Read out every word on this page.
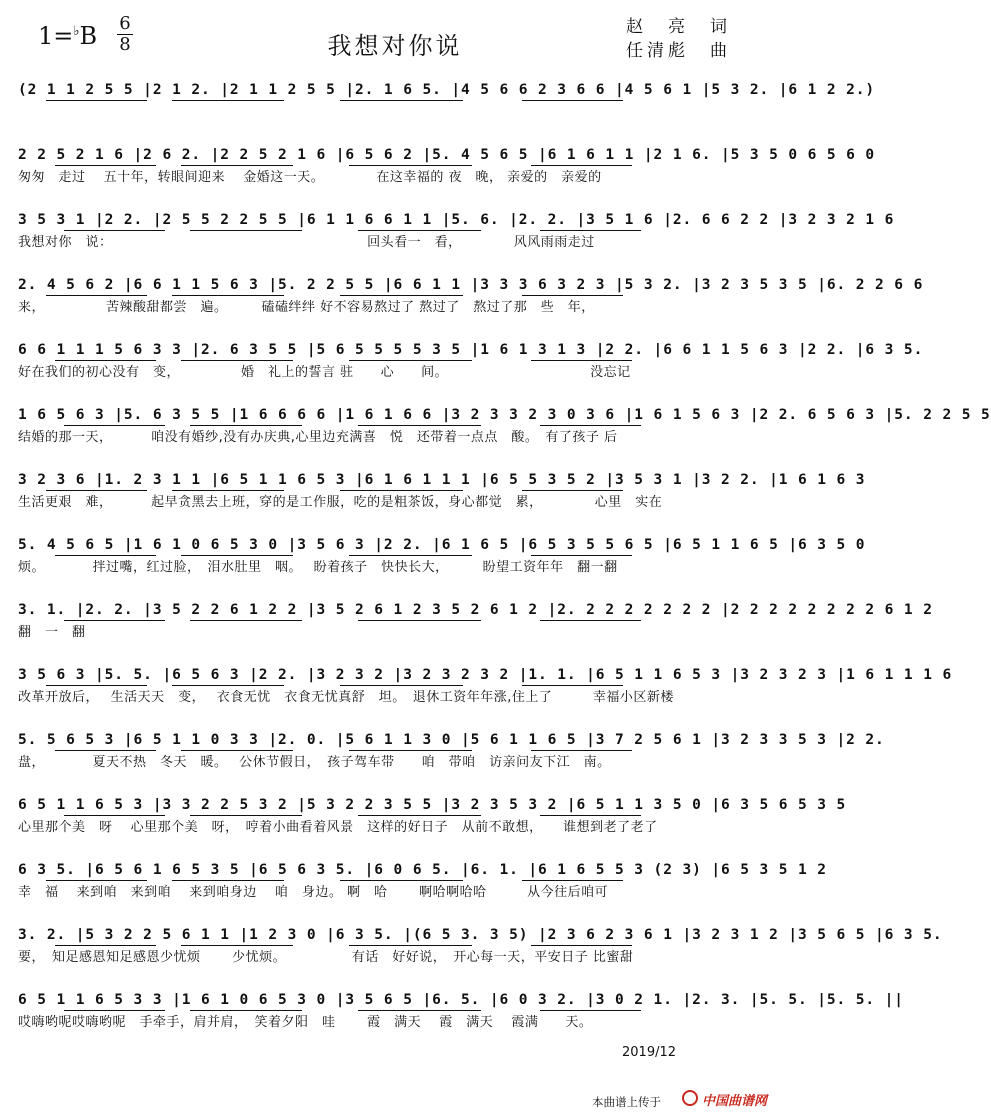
1=♭B 6
8	我想对你说
赵　亮　词
任清彪　曲
(2 1 1 2 5 5 |2 1 2. |2 1 1 2 5 5 |2. 1 6 5. |4 5 6 6 2 3 6 6 |4 5 6 1 |5 3 2. |6 1 2 2.)
2 2 5 2 1 6 |2 6 2. |2 2 5 2 1 6 |6 5 6 2 |5. 4 5 6 5 |6 1 6 1 1 |2 1 6. |5 3 5 0 6 5 6 0
匆匆　走过　 五十年，转眼间迎来　 金婚这一天。　　　　 在这幸福的 夜　晚， 亲爱的　亲爱的
3 5 3 1 |2 2. |2 5 5 2 2 5 5 |6 1 1 6 6 1 1 |5. 6. |2. 2. |3 5 1 6 |2. 6 6 2 2 |3 2 3 2 1 6
我想对你　说：　　　　　　　　　　　　　　　　　　　 回头看一　看，　　　　 风风雨雨走过
2. 4 5 6 2 |6 6 1 1 5 6 3 |5. 2 2 5 5 |6 6 1 1 |3 3 3 6 3 2 3 |5 3 2. |3 2 3 5 3 5 |6. 2 2 6 6
来，　　　　　苦辣酸甜都尝　遍。　　　磕磕绊绊 好不容易熬过了 熬过了　熬过了那　些　年，
6 6 1 1 1 5 6 3 3 |2. 6 3 5 5 |5 6 5 5 5 5 3 5 |1 6 1 3 1 3 |2 2. |6 6 1 1 5 6 3 |2 2. |6 3 5.
好在我们的初心没有　变，　　　　　婚　礼上的誓言 驻　　心　　间。　　　　　　　　　　　没忘记
1 6 5 6 3 |5. 6 3 5 5 |1 6 6 6 6 |1 6 1 6 6 |3 2 3 3 2 3 0 3 6 |1 6 1 5 6 3 |2 2. 6 5 6 3 |5. 2 2 5 5
结婚的那一天，　　　 咱没有婚纱,没有办庆典,心里边充满喜　悦　还带着一点点　酸。　有了孩子 后
3 2 3 6 |1. 2 3 1 1 |6 5 1 1 6 5 3 |6 1 6 1 1 1 |6 5 5 3 5 2 |3 5 3 1 |3 2 2. |1 6 1 6 3
生活更艰　难，　　　 起早贪黑去上班，穿的是工作服，吃的是粗茶饭，身心都觉　累，　　　　 心里　实在
5. 4 5 6 5 |1 6 1 0 6 5 3 0 |3 5 6 3 |2 2. |6 1 6 5 |6 5 3 5 5 6 5 |6 5 1 1 6 5 |6 3 5 0
烦。　　　　拌过嘴，红过脸，　泪水肚里　咽。　 盼着孩子　快快长大，　　　盼望工资年年　翻一翻
3. 1. |2. 2. |3 5 2 2 6 1 2 2 |3 5 2 6 1 2 3 5 2 6 1 2 |2. 2 2 2 2 2 2 2 |2 2 2 2 2 2 2 2 6 1 2
翻　一　翻
3 5 6 3 |5. 5. |6 5 6 3 |2 2. |3 2 3 2 |3 2 3 2 3 2 |1. 1. |6 5 1 1 6 5 3 |3 2 3 2 3 |1 6 1 1 1 6
改革开放后，　 生活天天　变，　 衣食无忧　衣食无忧真舒　坦。　退休工资年年涨,住上了　　　幸福小区新楼
5. 5 6 5 3 |6 5 1 1 0 3 3 |2. 0. |5 6 1 1 3 0 |5 6 1 1 6 5 |3 7 2 5 6 1 |3 2 3 3 5 3 |2 2.
盘，　　　　夏天不热　冬天　暖。　 公休节假日，　孩子驾车带　　咱　带咱　访亲问友下江　南。
6 5 1 1 6 5 3 |3 3 2 2 5 3 2 |5 3 2 2 3 5 5 |3 2 3 5 3 2 |6 5 1 1 3 5 0 |6 3 5 6 5 3 5
心里那个美　呀　 心里那个美　呀，　哼着小曲看着风景　这样的好日子　从前不敢想，　　谁想到老了老了
6 3 5. |6 5 6 1 6 5 3 5 |6 5 6 3 5. |6 0 6 5. |6. 1. |6 1 6 5 5 3 (2 3) |6 5 3 5 1 2
幸　福　 来到咱　来到咱　 来到咱身边　 咱　身边。 啊　哈　　 啊哈啊哈哈　　　从今往后咱可
3. 2. |5 3 2 2 5 6 1 1 |1 2 3 0 |6 3 5. |(6 5 3. 3 5) |2 3 6 2 3 6 1 |3 2 3 1 2 |3 5 6 5 |6 3 5.
要，　知足感恩知足感恩少忧烦　　 少忧烦。　　　　　 有话　好好说，　开心每一天，平安日子 比蜜甜
6 5 1 1 6 5 3 3 |1 6 1 0 6 5 3 0 |3 5 6 5 |6. 5. |6 0 3 2. |3 0 2 1. |2. 3. |5. 5. |5. 5. ||
哎嗨哟呢哎嗨哟呢　手牵手，肩并肩，　笑着夕阳　哇　　 霞　满天　 霞　满天　 霞满　　天。
2019/12
本曲谱上传于	中国曲谱网
